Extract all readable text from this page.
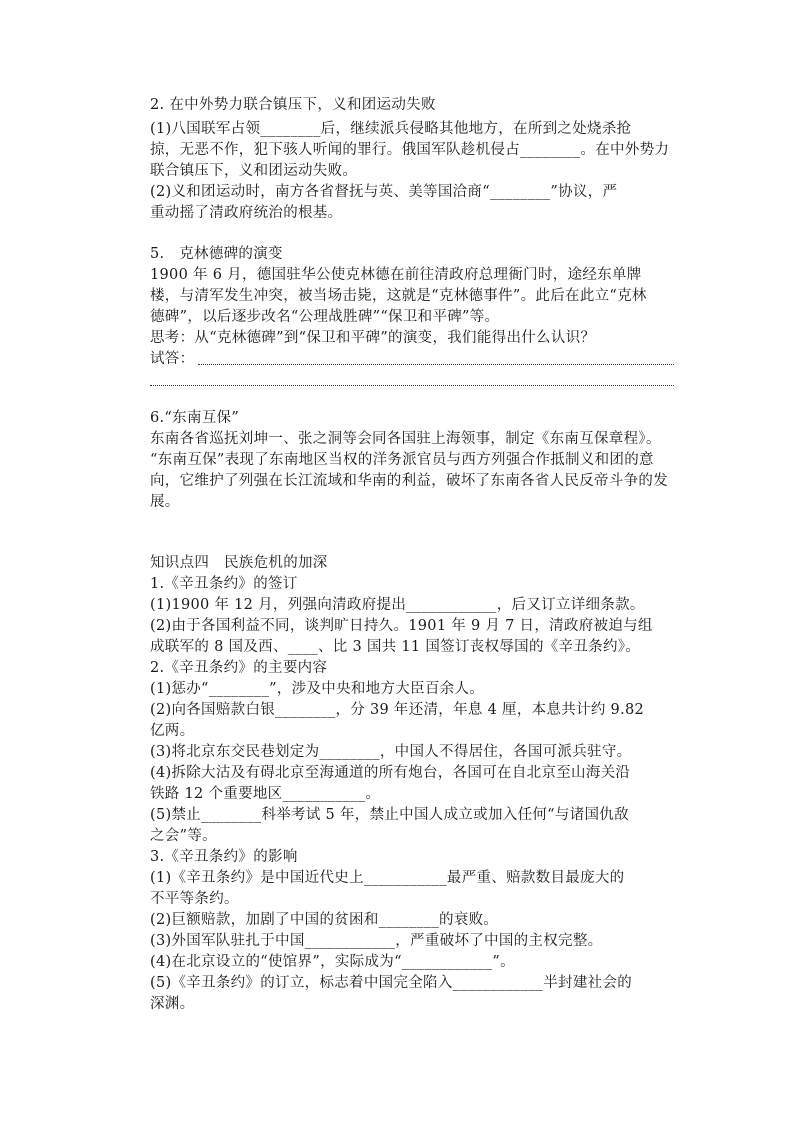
2. 在中外势力联合镇压下，义和团运动失败
(1)八国联军占领________后，继续派兵侵略其他地方，在所到之处烧杀抢
掠，无恶不作，犯下骇人听闻的罪行。俄国军队趁机侵占________。在中外势力
联合镇压下，义和团运动失败。
(2)义和团运动时，南方各省督抚与英、美等国洽商“________”协议，严
重动摇了清政府统治的根基。
5.　克林德碑的演变
1900 年 6 月，德国驻华公使克林德在前往清政府总理衙门时，途经东单牌
楼，与清军发生冲突，被当场击毙，这就是“克林德事件”。此后在此立“克林
德碑”，以后逐步改名“公理战胜碑”“保卫和平碑”等。
思考：从“克林德碑”到“保卫和平碑”的演变，我们能得出什么认识？
试答：
6.“东南互保”
东南各省巡抚刘坤一、张之洞等会同各国驻上海领事，制定《东南互保章程》。
“东南互保”表现了东南地区当权的洋务派官员与西方列强合作抵制义和团的意
向，它维护了列强在长江流域和华南的利益，破坏了东南各省人民反帝斗争的发
展。
知识点四　民族危机的加深
1.《辛丑条约》的签订
(1)1900 年 12 月，列强向清政府提出____________，后又订立详细条款。
(2)由于各国利益不同，谈判旷日持久。1901 年 9 月 7 日，清政府被迫与组
成联军的 8 国及西、____、比 3 国共 11 国签订丧权辱国的《辛丑条约》。
2.《辛丑条约》的主要内容
(1)惩办“________”，涉及中央和地方大臣百余人。
(2)向各国赔款白银________，分 39 年还清，年息 4 厘，本息共计约 9.82
亿两。
(3)将北京东交民巷划定为________，中国人不得居住，各国可派兵驻守。
(4)拆除大沽及有碍北京至海通道的所有炮台，各国可在自北京至山海关沿
铁路 12 个重要地区___________。
(5)禁止________科举考试 5 年，禁止中国人成立或加入任何“与诸国仇敌
之会”等。
3.《辛丑条约》的影响
(1)《辛丑条约》是中国近代史上___________最严重、赔款数目最庞大的
不平等条约。
(2)巨额赔款，加剧了中国的贫困和________的衰败。
(3)外国军队驻扎于中国____________，严重破坏了中国的主权完整。
(4)在北京设立的“使馆界”，实际成为“____________”。
(5)《辛丑条约》的订立，标志着中国完全陷入____________半封建社会的
深渊。
